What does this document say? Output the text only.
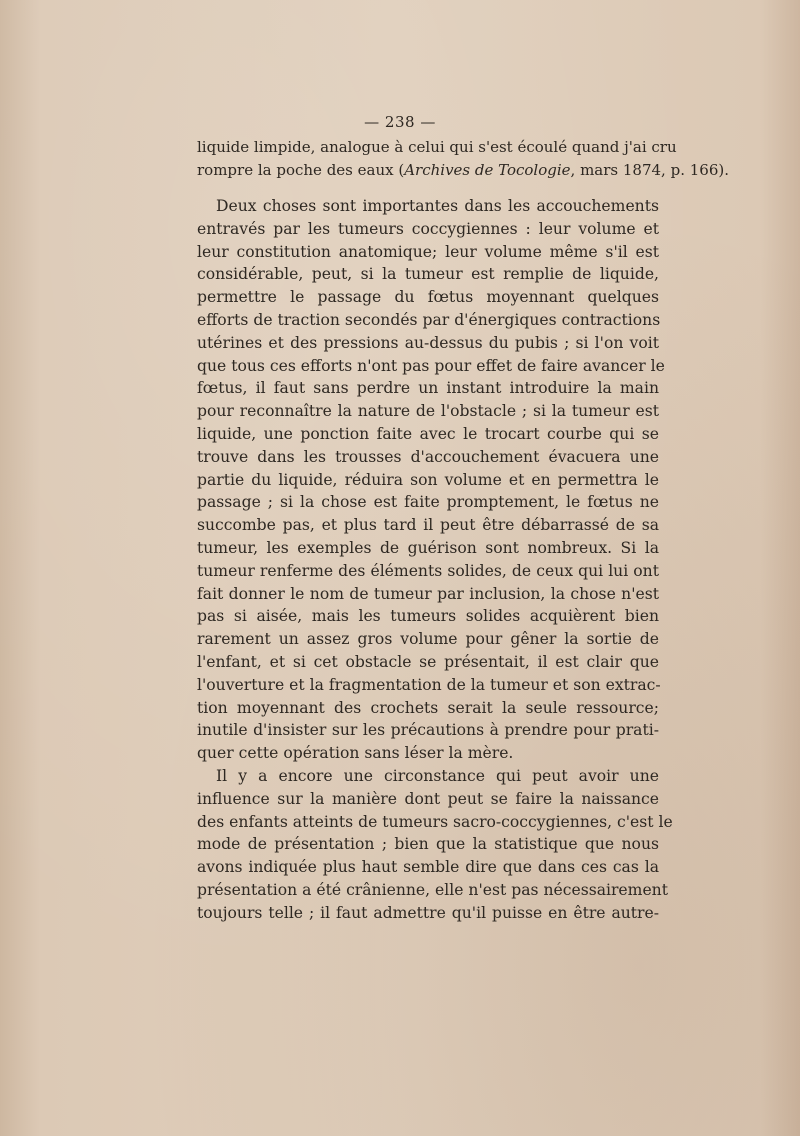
— 238 —
liquide limpide, analogue à celui qui s'est écoulé quand j'ai cru
rompre la poche des eaux (Archives de Tocologie, mars 1874, p. 166).
Deux choses sont importantes dans les accouchements
entravés par les tumeurs coccygiennes : leur volume et
leur constitution anatomique; leur volume même s'il est
considérable, peut, si la tumeur est remplie de liquide,
permettre le passage du fœtus moyennant quelques
efforts de traction secondés par d'énergiques contractions
utérines et des pressions au-dessus du pubis ; si l'on voit
que tous ces efforts n'ont pas pour effet de faire avancer le
fœtus, il faut sans perdre un instant introduire la main
pour reconnaître la nature de l'obstacle ; si la tumeur est
liquide, une ponction faite avec le trocart courbe qui se
trouve dans les trousses d'accouchement évacuera une
partie du liquide, réduira son volume et en permettra le
passage ; si la chose est faite promptement, le fœtus ne
succombe pas, et plus tard il peut être débarrassé de sa
tumeur, les exemples de guérison sont nombreux. Si la
tumeur renferme des éléments solides, de ceux qui lui ont
fait donner le nom de tumeur par inclusion, la chose n'est
pas si aisée, mais les tumeurs solides acquièrent bien
rarement un assez gros volume pour gêner la sortie de
l'enfant, et si cet obstacle se présentait, il est clair que
l'ouverture et la fragmentation de la tumeur et son extrac-
tion moyennant des crochets serait la seule ressource;
inutile d'insister sur les précautions à prendre pour prati-
quer cette opération sans léser la mère.
Il y a encore une circonstance qui peut avoir une
influence sur la manière dont peut se faire la naissance
des enfants atteints de tumeurs sacro-coccygiennes, c'est le
mode de présentation ; bien que la statistique que nous
avons indiquée plus haut semble dire que dans ces cas la
présentation a été crânienne, elle n'est pas nécessairement
toujours telle ; il faut admettre qu'il puisse en être autre-
